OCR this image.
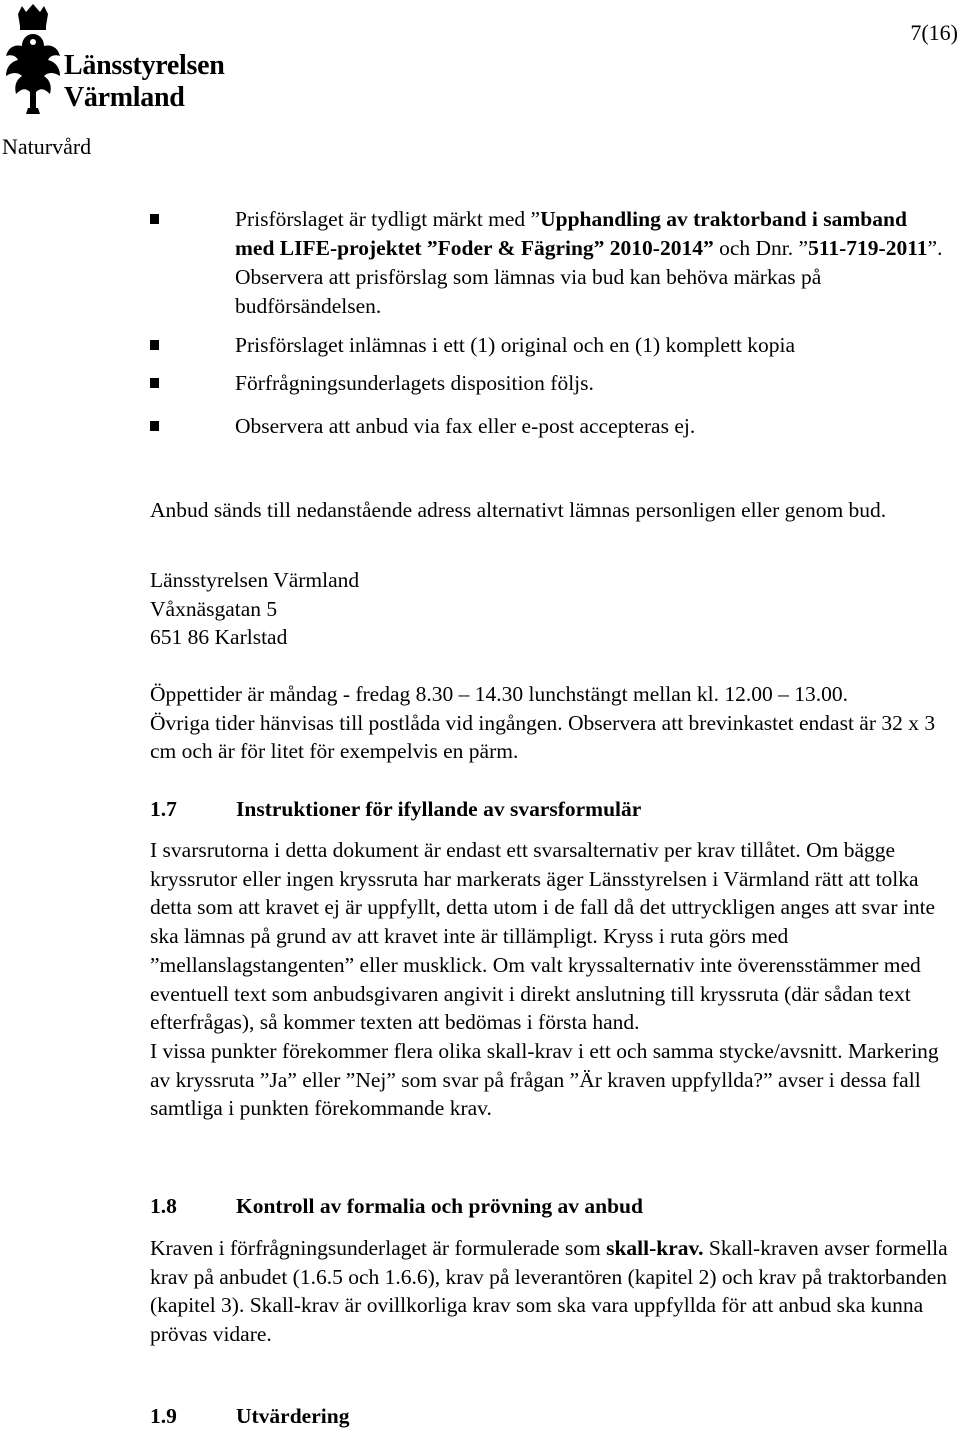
Länsstyrelsen
Värmland
7(16)
Naturvård
Prisförslaget är tydligt märkt med ”Upphandling av traktorband i samband med LIFE-projektet ”Foder & Fägring” 2010-2014” och Dnr. ”511-719-2011”. Observera att prisförslag som lämnas via bud kan behöva märkas på budförsändelsen.
Prisförslaget inlämnas i ett (1) original och en (1) komplett kopia
Förfrågningsunderlagets disposition följs.
Observera att anbud via fax eller e-post accepteras ej.
Anbud sänds till nedanstående adress alternativt lämnas personligen eller genom bud.
Länsstyrelsen Värmland
Våxnäsgatan 5
651 86 Karlstad
Öppettider är måndag - fredag 8.30 – 14.30 lunchstängt mellan kl. 12.00 – 13.00.
Övriga tider hänvisas till postlåda vid ingången. Observera att brevinkastet endast är 32 x 3 cm och är för litet för exempelvis en pärm.
1.7	Instruktioner för ifyllande av svarsformulär
I svarsrutorna i detta dokument är endast ett svarsalternativ per krav tillåtet. Om bägge kryssrutor eller ingen kryssruta har markerats äger Länsstyrelsen i Värmland rätt att tolka detta som att kravet ej är uppfyllt, detta utom i de fall då det uttryckligen anges att svar inte ska lämnas på grund av att kravet inte är tillämpligt. Kryss i ruta görs med ”mellanslagstangenten” eller musklick. Om valt kryssalternativ inte överensstämmer med eventuell text som anbudsgivaren angivit i direkt anslutning till kryssruta (där sådan text efterfrågas), så kommer texten att bedömas i första hand.
I vissa punkter förekommer flera olika skall-krav i ett och samma stycke/avsnitt. Markering av kryssruta ”Ja” eller ”Nej” som svar på frågan ”Är kraven uppfyllda?” avser i dessa fall samtliga i punkten förekommande krav.
1.8	Kontroll av formalia och prövning av anbud
Kraven i förfrågningsunderlaget är formulerade som skall-krav. Skall-kraven avser formella krav på anbudet (1.6.5 och 1.6.6), krav på leverantören (kapitel 2) och krav på traktorbanden (kapitel 3). Skall-krav är ovillkorliga krav som ska vara uppfyllda för att anbud ska kunna prövas vidare.
1.9	Utvärdering
